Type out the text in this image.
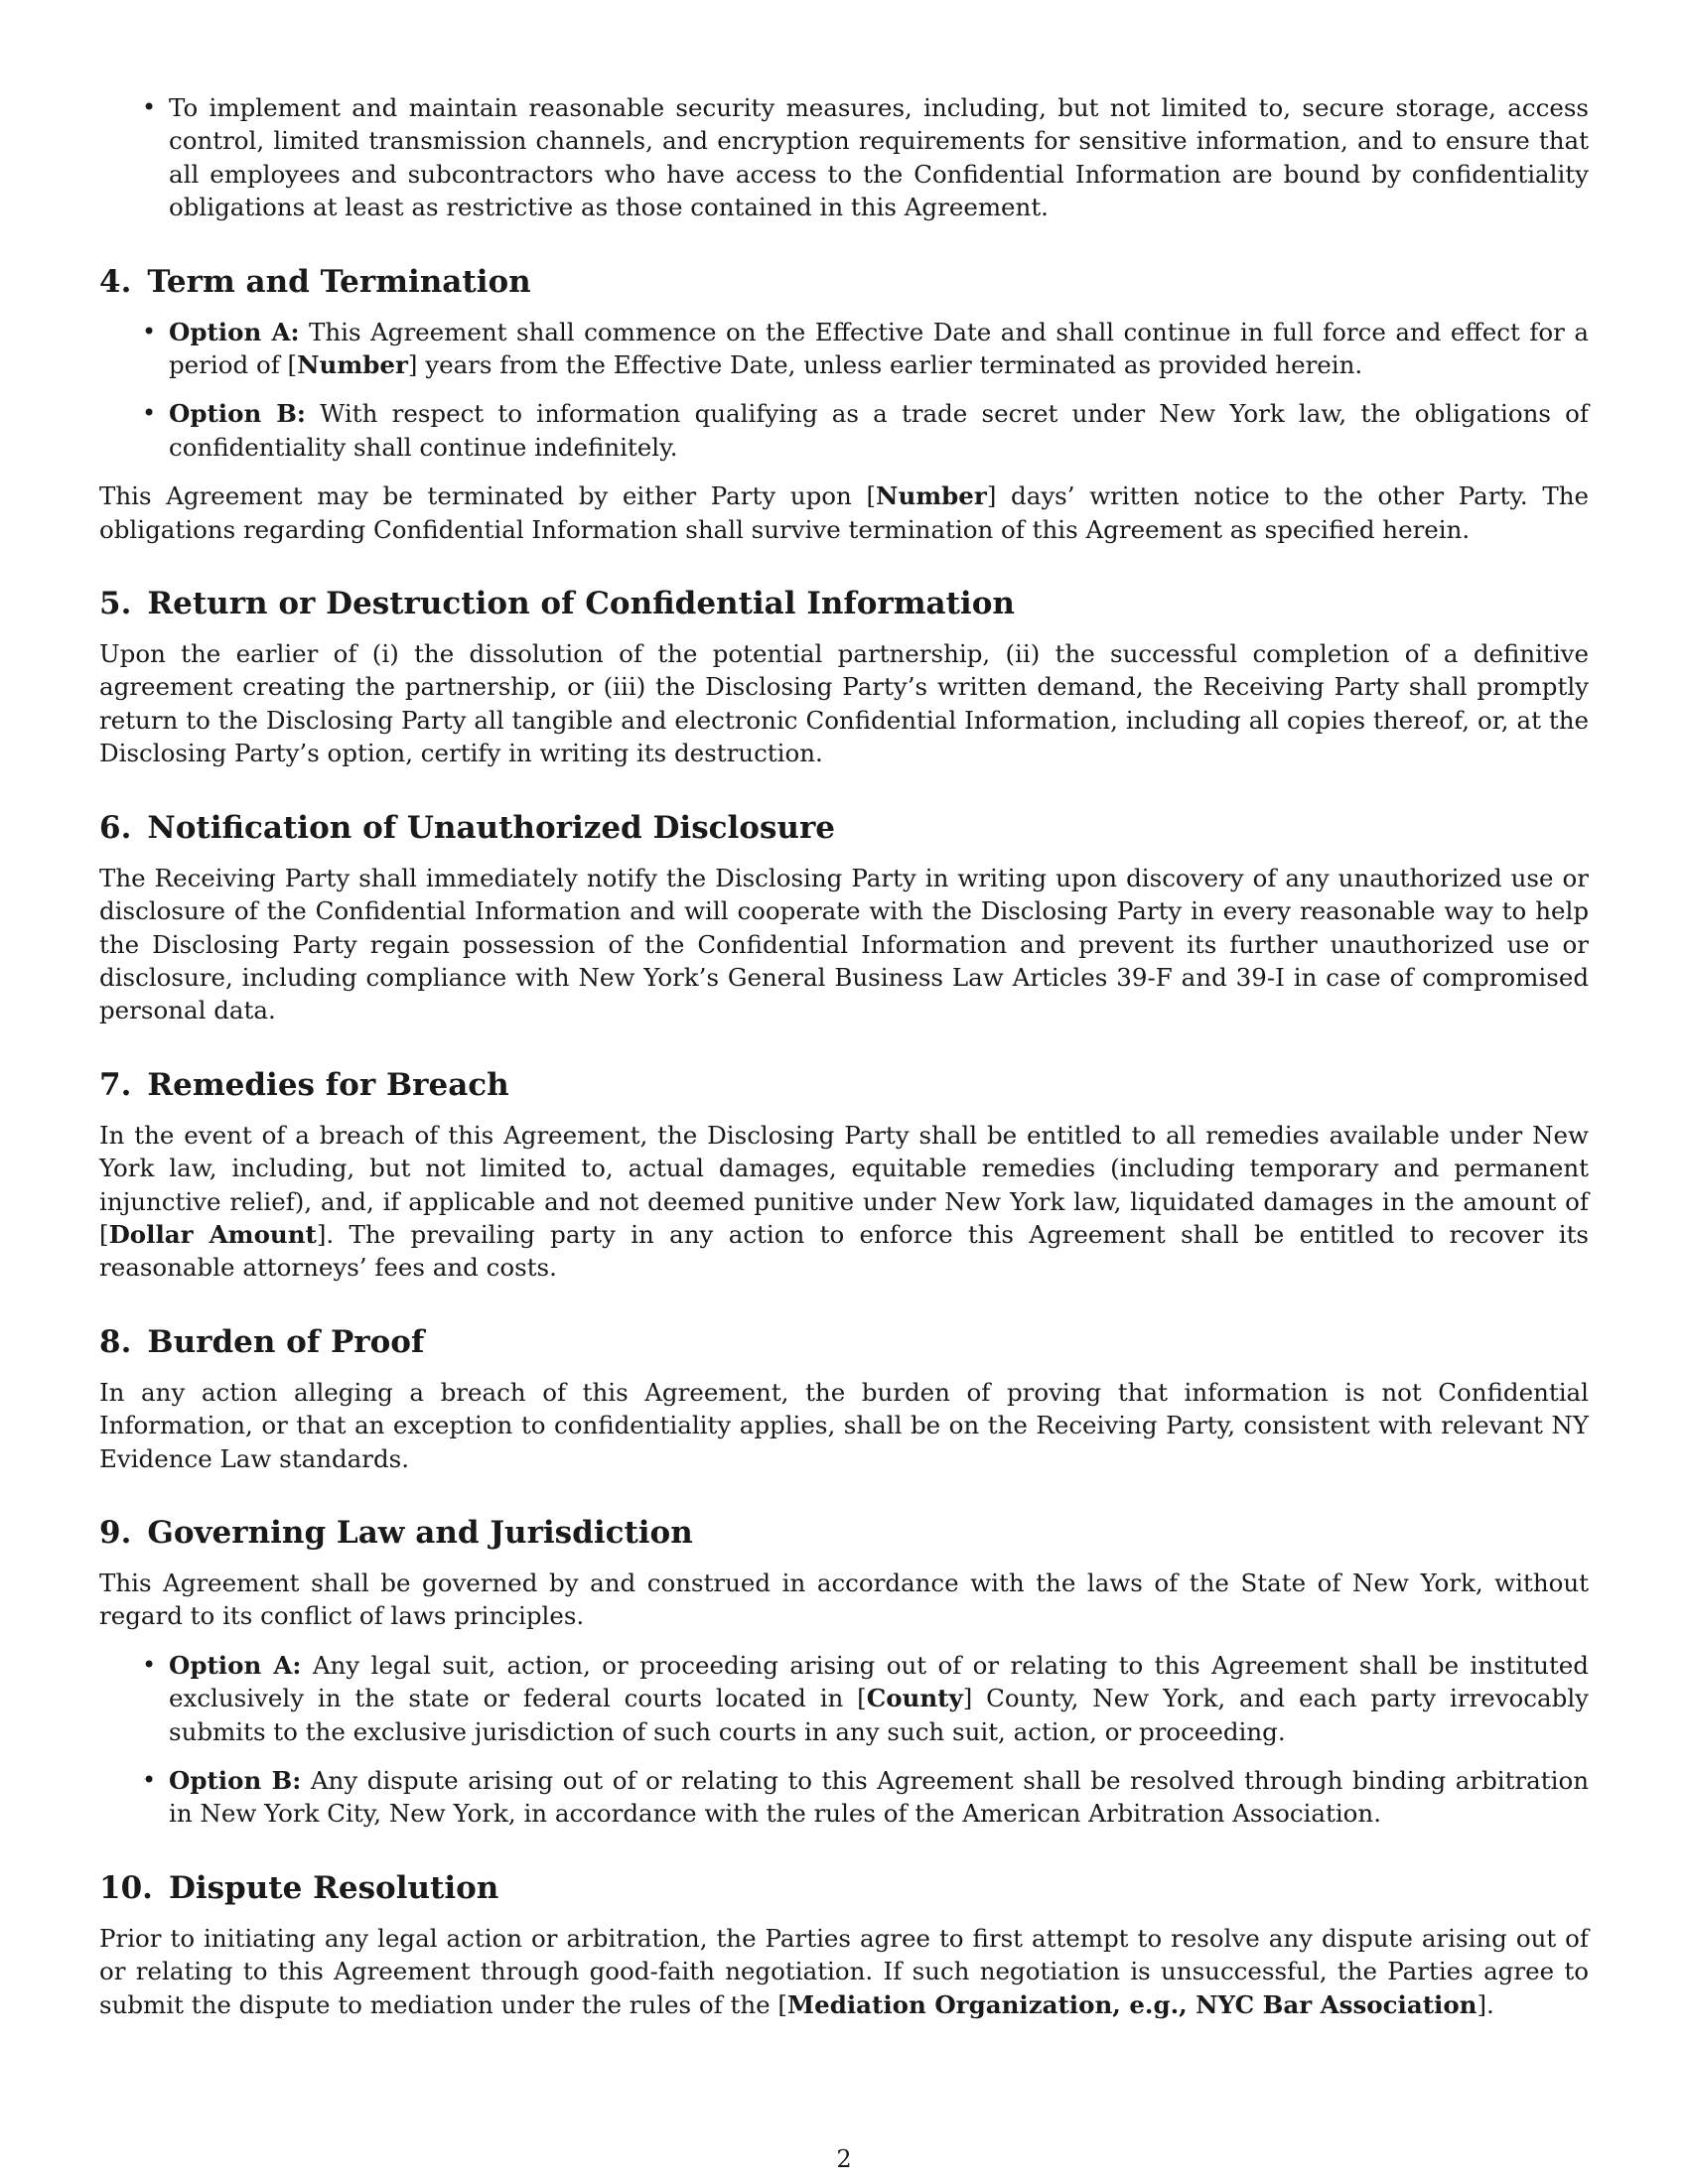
• To implement and maintain reasonable security measures, including, but not limited to, secure storage, access control, limited transmission channels, and encryption requirements for sensitive information, and to ensure that all employees and subcontractors who have access to the Confidential Information are bound by confidentiality obligations at least as restrictive as those contained in this Agreement.
4. Term and Termination
• Option A: This Agreement shall commence on the Effective Date and shall continue in full force and effect for a period of [Number] years from the Effective Date, unless earlier terminated as provided herein.
• Option B: With respect to information qualifying as a trade secret under New York law, the obligations of confidentiality shall continue indefinitely.

This Agreement may be terminated by either Party upon [Number] days’ written notice to the other Party. The obligations regarding Confidential Information shall survive termination of this Agreement as specified herein.

5. Return or Destruction of Confidential Information

Upon the earlier of (i) the dissolution of the potential partnership, (ii) the successful completion of a definitive agreement creating the partnership, or (iii) the Disclosing Party’s written demand, the Receiving Party shall promptly return to the Disclosing Party all tangible and electronic Confidential Information, including all copies thereof, or, at the Disclosing Party’s option, certify in writing its destruction.

6. Notification of Unauthorized Disclosure

The Receiving Party shall immediately notify the Disclosing Party in writing upon discovery of any unauthorized use or disclosure of the Confidential Information and will cooperate with the Disclosing Party in every reasonable way to help the Disclosing Party regain possession of the Confidential Information and prevent its further unauthorized use or disclosure, including compliance with New York’s General Business Law Articles 39-F and 39-I in case of compromised personal data.

7. Remedies for Breach

In the event of a breach of this Agreement, the Disclosing Party shall be entitled to all remedies available under New York law, including, but not limited to, actual damages, equitable remedies (including temporary and permanent injunctive relief), and, if applicable and not deemed punitive under New York law, liquidated damages in the amount of [Dollar Amount]. The prevailing party in any action to enforce this Agreement shall be entitled to recover its reasonable attorneys’ fees and costs.

8. Burden of Proof

In any action alleging a breach of this Agreement, the burden of proving that information is not Confidential Information, or that an exception to confidentiality applies, shall be on the Receiving Party, consistent with relevant NY Evidence Law standards.

9. Governing Law and Jurisdiction

This Agreement shall be governed by and construed in accordance with the laws of the State of New York, without regard to its conflict of laws principles.

• Option A: Any legal suit, action, or proceeding arising out of or relating to this Agreement shall be instituted exclusively in the state or federal courts located in [County] County, New York, and each party irrevocably submits to the exclusive jurisdiction of such courts in any such suit, action, or proceeding.
• Option B: Any dispute arising out of or relating to this Agreement shall be resolved through binding arbitration in New York City, New York, in accordance with the rules of the American Arbitration Association.
10. Dispute Resolution

Prior to initiating any legal action or arbitration, the Parties agree to first attempt to resolve any dispute arising out of or relating to this Agreement through good-faith negotiation. If such negotiation is unsuccessful, the Parties agree to submit the dispute to mediation under the rules of the [Mediation Organization, e.g., NYC Bar Association].

2
